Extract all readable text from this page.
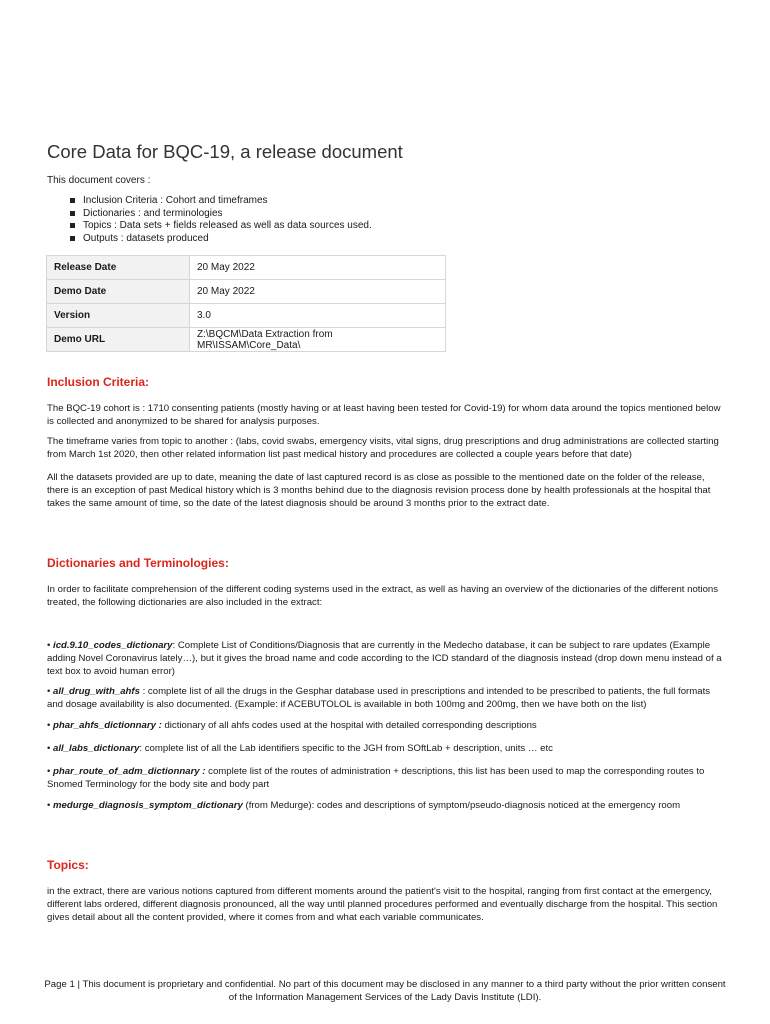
Core Data for BQC-19, a release document
This document covers :
Inclusion Criteria : Cohort and timeframes
Dictionaries : and terminologies
Topics : Data sets + fields released as well as data sources used.
Outputs : datasets produced
Release Date	20 May 2022
Demo Date	20 May 2022
Version	3.0
Demo URL	Z:\BQCM\Data Extraction from MR\ISSAM\Core_Data\
Inclusion Criteria:

The BQC-19 cohort is : 1710 consenting patients (mostly having or at least having been tested for Covid-19) for whom data around the topics mentioned below is collected and anonymized to be shared for analysis purposes.

The timeframe varies from topic to another : (labs, covid swabs, emergency visits, vital signs, drug prescriptions and drug administrations are collected starting from March 1st 2020, then other related information list past medical history and procedures are collected a couple years before that date)

All the datasets provided are up to date, meaning the date of last captured record is as close as possible to the mentioned date on the folder of the release, there is an exception of past Medical history which is 3 months behind due to the diagnosis revision process done by health professionals at the hospital that takes the same amount of time, so the date of the latest diagnosis should be around 3 months prior to the extract date.

Dictionaries and Terminologies:

In order to facilitate comprehension of the different coding systems used in the extract, as well as having an overview of the dictionaries of the different notions treated, the following dictionaries are also included in the extract:

• icd.9.10_codes_dictionary: Complete List of Conditions/Diagnosis that are currently in the Medecho database, it can be subject to rare updates (Example adding Novel Coronavirus lately…), but it gives the broad name and code according to the ICD standard of the diagnosis instead (drop down menu instead of a text box to avoid human error)

• all_drug_with_ahfs : complete list of all the drugs in the Gesphar database used in prescriptions and intended to be prescribed to patients, the full formats and dosage availability is also documented. (Example: if ACEBUTOLOL is available in both 100mg and 200mg, then we have both on the list)

• phar_ahfs_dictionnary : dictionary of all ahfs codes used at the hospital with detailed corresponding descriptions

• all_labs_dictionary: complete list of all the Lab identifiers specific to the JGH from SOftLab + description, units … etc

• phar_route_of_adm_dictionnary : complete list of the routes of administration + descriptions, this list has been used to map the corresponding routes to Snomed Terminology for the body site and body part

• medurge_diagnosis_symptom_dictionary (from Medurge): codes and descriptions of symptom/pseudo-diagnosis noticed at the emergency room

Topics:

in the extract, there are various notions captured from different moments around the patient's visit to the hospital, ranging from first contact at the emergency, different labs ordered, different diagnosis pronounced, all the way until planned procedures performed and eventually discharge from the hospital. This section gives detail about all the content provided, where it comes from and what each variable communicates.

Page 1 | This document is proprietary and confidential. No part of this document may be disclosed in any manner to a third party without the prior written consent of the Information Management Services of the Lady Davis Institute (LDI).
